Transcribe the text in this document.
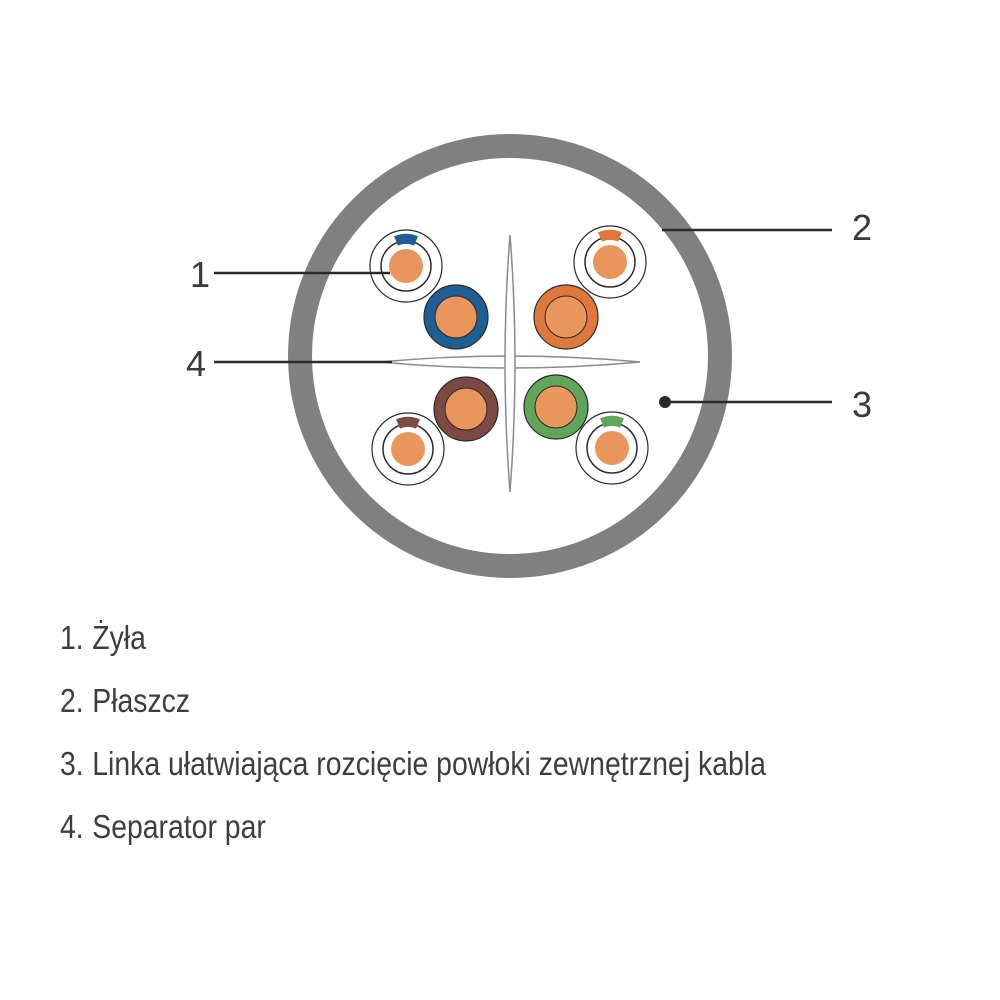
1
2
3
4
1. Żyła
2. Płaszcz
3. Linka ułatwiająca rozcięcie powłoki zewnętrznej kabla
4. Separator par
